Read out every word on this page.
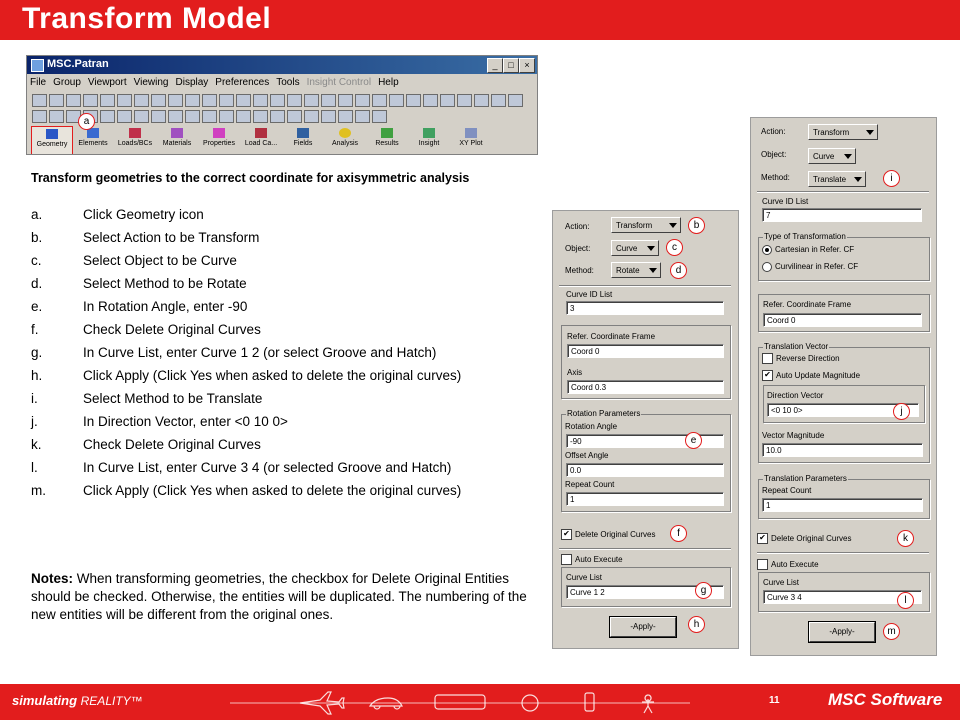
Transform Model
MSC.Patran	_	□	×
File Group Viewport Viewing Display Preferences Tools Insight Control Help
Geometry	Elements	Loads/BCs	Materials	Properties	Load Ca...	Fields	Analysis	Results	Insight	XY Plot
a
Transform geometries to the correct coordinate for axisymmetric analysis
a.	Click Geometry icon
b.	Select Action to be Transform
c.	Select Object to be Curve
d.	Select Method to be Rotate
e.	In Rotation Angle, enter -90
f.	Check Delete Original Curves
g.	In Curve List, enter Curve 1 2 (or select Groove and Hatch)
h.	Click Apply (Click Yes when asked to delete the original curves)
i.	Select Method to be Translate
j.	In Direction Vector, enter <0 10 0>
k.	Check Delete Original Curves
l.	In Curve List, enter Curve 3 4 (or selected Groove and Hatch)
m.	Click Apply (Click Yes when asked to delete the original curves)
Notes: When transforming geometries, the checkbox for Delete Original Entities should be checked. Otherwise, the entities will be duplicated. The numbering of the new entities will be different from the original ones.
Action:	Transform
Object:	Curve
Method:	Rotate
Curve ID List
3
Refer. Coordinate Frame
Coord 0
Axis
Coord 0.3
Rotation Parameters
Rotation Angle
-90
Offset Angle
0.0
Repeat Count
1
✔ Delete Original Curves
Auto Execute
Curve List
Curve 1 2
-Apply-
b
c
d
e
f
g
h
Action:	Transform
Object:	Curve
Method:	Translate
Curve ID List
7
Type of Transformation
Cartesian in Refer. CF
Curvilinear in Refer. CF
Refer. Coordinate Frame
Coord 0
Translation Vector
Reverse Direction
✔ Auto Update Magnitude
Direction Vector
<0 10 0>
Vector Magnitude
10.0
Translation Parameters
Repeat Count
1
✔ Delete Original Curves
Auto Execute
Curve List
Curve 3 4
-Apply-
i
j
k
l
m
simulating REALITY™	11	MSC Software
